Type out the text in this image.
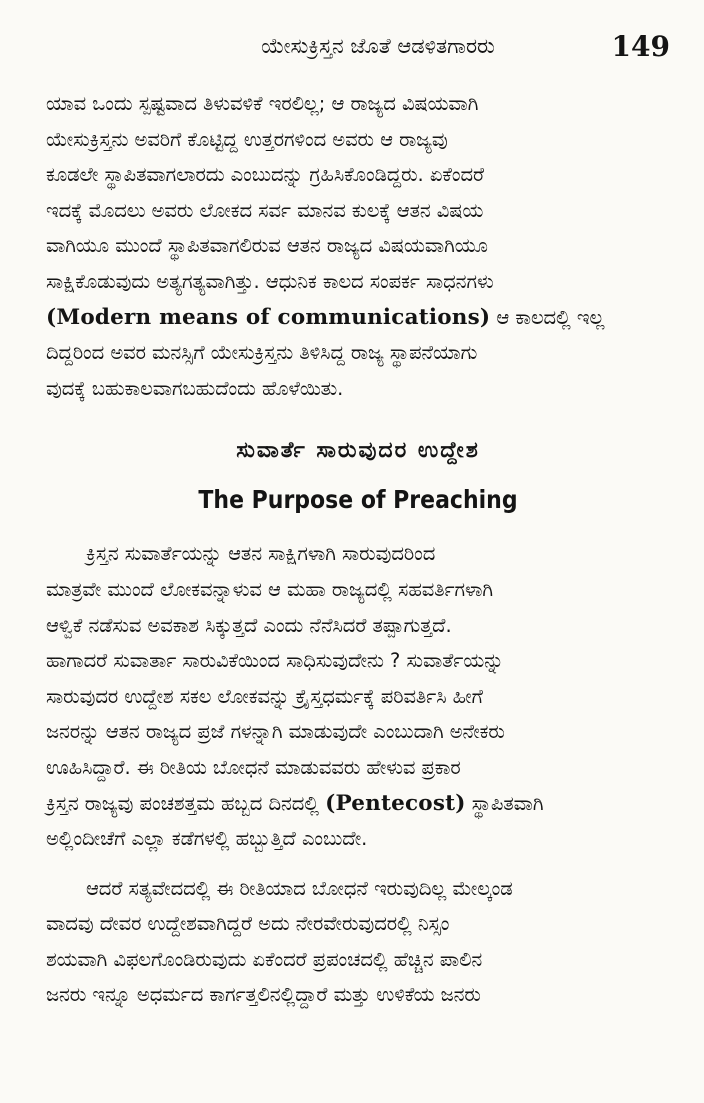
ಯೇಸುಕ್ರಿಸ್ತನ ಜೊತೆ ಆಡಳಿತಗಾರರು	149

ಯಾವ ಒಂದು ಸ್ಪಷ್ಟವಾದ ತಿಳುವಳಿಕೆ ಇರಲಿಲ್ಲ; ಆ ರಾಜ್ಯದ ವಿಷಯವಾಗಿ
ಯೇಸುಕ್ರಿಸ್ತನು ಅವರಿಗೆ ಕೊಟ್ಟಿದ್ದ ಉತ್ತರಗಳಿಂದ ಅವರು ಆ ರಾಜ್ಯವು
ಕೂಡಲೇ ಸ್ಥಾಪಿತವಾಗಲಾರದು ಎಂಬುದನ್ನು ಗ್ರಹಿಸಿಕೊಂಡಿದ್ದರು. ಏಕೆಂದರೆ
ಇದಕ್ಕೆ ಮೊದಲು ಅವರು ಲೋಕದ ಸರ್ವ ಮಾನವ ಕುಲಕ್ಕೆ ಆತನ ವಿಷಯ
ವಾಗಿಯೂ ಮುಂದೆ ಸ್ಥಾಪಿತವಾಗಲಿರುವ ಆತನ ರಾಜ್ಯದ ವಿಷಯವಾಗಿಯೂ
ಸಾಕ್ಷಿಕೊಡುವುದು ಅತ್ಯಗತ್ಯವಾಗಿತ್ತು. ಆಧುನಿಕ ಕಾಲದ ಸಂಪರ್ಕ ಸಾಧನಗಳು
(Modern means of communications) ಆ ಕಾಲದಲ್ಲಿ ಇಲ್ಲ
ದಿದ್ದರಿಂದ ಅವರ ಮನಸ್ಸಿಗೆ ಯೇಸುಕ್ರಿಸ್ತನು ತಿಳಿಸಿದ್ದ ರಾಜ್ಯ ಸ್ಥಾಪನೆಯಾಗು
ವುದಕ್ಕೆ ಬಹುಕಾಲವಾಗಬಹುದೆಂದು ಹೊಳೆಯಿತು.

ಸುವಾರ್ತೆ ಸಾರುವುದರ ಉದ್ದೇಶ
The Purpose of Preaching

ಕ್ರಿಸ್ತನ ಸುವಾರ್ತೆಯನ್ನು ಆತನ ಸಾಕ್ಷಿಗಳಾಗಿ ಸಾರುವುದರಿಂದ
ಮಾತ್ರವೇ ಮುಂದೆ ಲೋಕವನ್ನಾಳುವ ಆ ಮಹಾ ರಾಜ್ಯದಲ್ಲಿ ಸಹವರ್ತಿಗಳಾಗಿ
ಆಳ್ವಿಕೆ ನಡೆಸುವ ಅವಕಾಶ ಸಿಕ್ಕುತ್ತದೆ ಎಂದು ನೆನೆಸಿದರೆ ತಪ್ಪಾಗುತ್ತದೆ.
ಹಾಗಾದರೆ ಸುವಾರ್ತಾ ಸಾರುವಿಕೆಯಿಂದ ಸಾಧಿಸುವುದೇನು ? ಸುವಾರ್ತೆಯನ್ನು
ಸಾರುವುದರ ಉದ್ದೇಶ ಸಕಲ ಲೋಕವನ್ನು ಕ್ರೈಸ್ತಧರ್ಮಕ್ಕೆ ಪರಿವರ್ತಿಸಿ ಹೀಗೆ
ಜನರನ್ನು ಆತನ ರಾಜ್ಯದ ಪ್ರಜೆ ಗಳನ್ನಾಗಿ ಮಾಡುವುದೇ ಎಂಬುದಾಗಿ ಅನೇಕರು
ಊಹಿಸಿದ್ದಾರೆ. ಈ ರೀತಿಯ ಬೋಧನೆ ಮಾಡುವವರು ಹೇಳುವ ಪ್ರಕಾರ
ಕ್ರಿಸ್ತನ ರಾಜ್ಯವು ಪಂಚಶತ್ತಮ ಹಬ್ಬದ ದಿನದಲ್ಲಿ (Pentecost) ಸ್ಥಾಪಿತವಾಗಿ
ಅಲ್ಲಿಂದೀಚೆಗೆ ಎಲ್ಲಾ ಕಡೆಗಳಲ್ಲಿ ಹಬ್ಬುತ್ತಿದೆ ಎಂಬುದೇ.

ಆದರೆ ಸತ್ಯವೇದದಲ್ಲಿ ಈ ರೀತಿಯಾದ ಬೋಧನೆ ಇರುವುದಿಲ್ಲ ಮೇಲ್ಕಂಡ
ವಾದವು ದೇವರ ಉದ್ದೇಶವಾಗಿದ್ದರೆ ಅದು ನೇರವೇರುವುದರಲ್ಲಿ ನಿಸ್ಸಂ
ಶಯವಾಗಿ ವಿಫಲಗೊಂಡಿರುವುದು ಏಕೆಂದರೆ ಪ್ರಪಂಚದಲ್ಲಿ ಹೆಚ್ಚಿನ ಪಾಲಿನ
ಜನರು ಇನ್ನೂ ಅಧರ್ಮದ ಕಾರ್ಗತ್ತಲಿನಲ್ಲಿದ್ದಾರೆ ಮತ್ತು ಉಳಿಕೆಯ ಜನರು
